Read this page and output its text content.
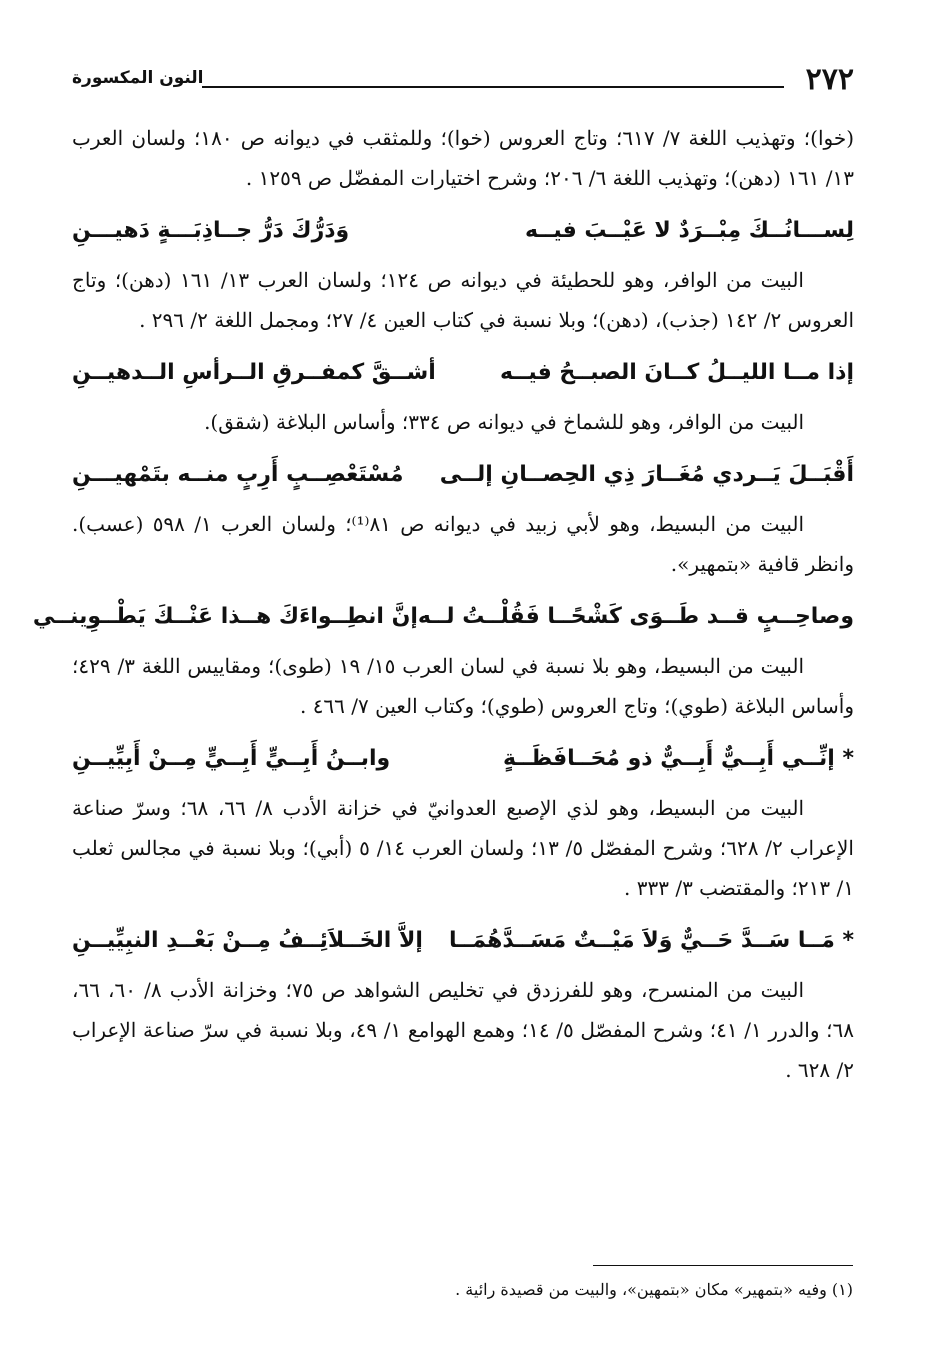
٢٧٢
النون المكسورة

(خوا)؛ وتهذيب اللغة ٧/ ٦١٧؛ وتاج العروس (خوا)؛ وللمثقب في ديوانه ص ١٨٠؛ ولسان العرب ١٣/ ١٦١ (دهن)؛ وتهذيب اللغة ٦/ ٢٠٦؛ وشرح اختيارات المفضّل ص ١٢٥٩ .

لِســـانُــكَ مِبْــرَدٌ لا عَيْــبَ فيــه
وَدَرُّكَ دَرُّ جــاذِبَـــةٍ دَهيـــنِ

البيت من الوافر، وهو للحطيئة في ديوانه ص ١٢٤؛ ولسان العرب ١٣/ ١٦١ (دهن)؛ وتاج العروس ٢/ ١٤٢ (جذب)، (دهن)؛ وبلا نسبة في كتاب العين ٤/ ٢٧؛ ومجمل اللغة ٢/ ٢٩٦ .

إذا مــا الليــلُ كــانَ الصبــحُ فيــه
أشــقَّ كمفــرقِ الــرأسِ الــدهيــنِ

البيت من الوافر، وهو للشماخ في ديوانه ص ٣٣٤؛ وأساس البلاغة (شقق).

أَقْبَــلَ يَــردي مُغَــارَ ذِي الحِصــانِ إلــى
مُسْتَعْصِــبٍ أَرِبٍ منــه بتَمْهيـــنِ

البيت من البسيط، وهو لأبي زبيد في ديوانه ص ٨١⁽¹⁾؛ ولسان العرب ١/ ٥٩٨ (عسب). وانظر قافية «بتمهير».

وصاحِــبٍ قــد طَــوَى كَشْحًــا فَقُلْــتُ لــه
إنَّ انطِــواءَكَ هــذا عَنْــكَ يَطْــوِينــي

البيت من البسيط، وهو بلا نسبة في لسان العرب ١٥/ ١٩ (طوى)؛ ومقاييس اللغة ٣/ ٤٢٩؛ وأساس البلاغة (طوي)؛ وتاج العروس (طوي)؛ وكتاب العين ٧/ ٤٦٦ .

* إنِّــي أَبِــيٌّ أَبِــيٌّ ذو مُحَــافَظَــةٍ
وابــنُ أَبِــيٍّ أَبِــيٍّ مِــنْ أَبِيِّيــنِ

البيت من البسيط، وهو لذي الإصبع العدوانيّ في خزانة الأدب ٨/ ٦٦، ٦٨؛ وسرّ صناعة الإعراب ٢/ ٦٢٨؛ وشرح المفصّل ٥/ ١٣؛ ولسان العرب ١٤/ ٥ (أبي)؛ وبلا نسبة في مجالس ثعلب ١/ ٢١٣؛ والمقتضب ٣/ ٣٣٣ .

* مَــا سَــدَّ حَــيٌّ وَلاَ مَيْــتٌ مَسَــدَّهُمَــا
إلاَّ الخَــلاَئِــفُ مِــنْ بَعْــدِ النبِيِّيــنِ

البيت من المنسرح، وهو للفرزدق في تخليص الشواهد ص ٧٥؛ وخزانة الأدب ٨/ ٦٠، ٦٦، ٦٨؛ والدرر ١/ ٤١؛ وشرح المفصّل ٥/ ١٤؛ وهمع الهوامع ١/ ٤٩، وبلا نسبة في سرّ صناعة الإعراب ٢/ ٦٢٨ .

(١) وفيه «بتمهير» مكان «بتمهين»، والبيت من قصيدة رائية .
